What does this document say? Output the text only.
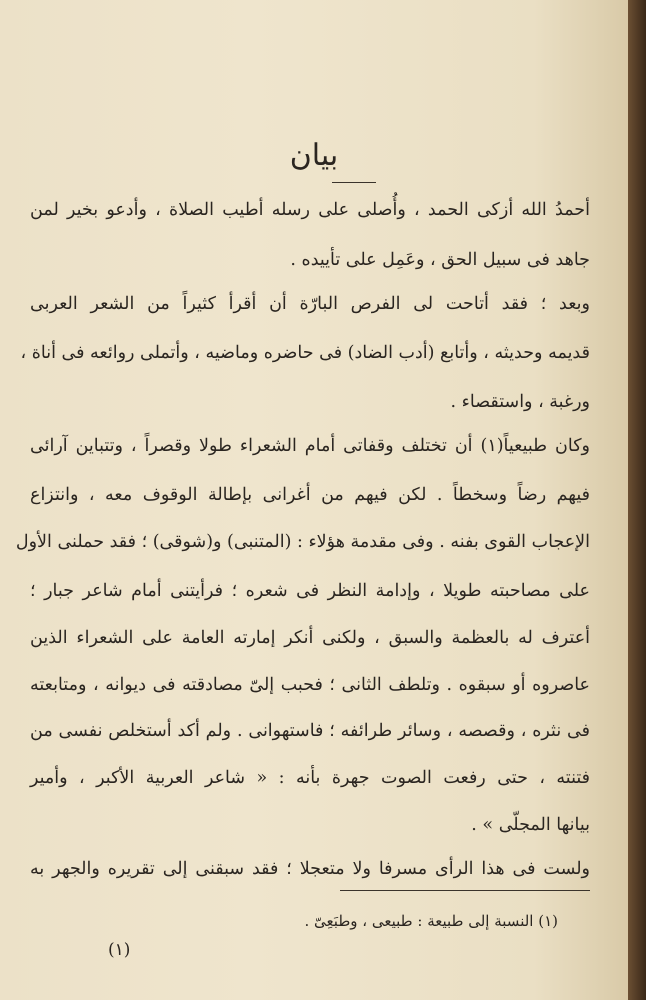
بيان
أحمدُ الله أزكى الحمد ، وأُصلى على رسله أطيب الصلاة ، وأدعو بخير لمن
جاهد فى سبيل الحق ، وعَمِل على تأييده .
وبعد ؛ فقد أتاحت لى الفرص البارّة أن أقرأ كثيراً من الشعر العربى
قديمه وحديثه ، وأتابع (أدب الضاد) فى حاضره وماضيه ، وأتملى روائعه فى أناة ،
ورغبة ، واستقصاء .
وكان طبيعياً(١) أن تختلف وقفاتى أمام الشعراء طولا وقصراً ، وتتباين آرائى
فيهم رضاً وسخطاً . لكن فيهم من أغرانى بإطالة الوقوف معه ، وانتزاع
الإعجاب القوى بفنه . وفى مقدمة هؤلاء : (المتنبى) و(شوقى) ؛ فقد حملنى الأول
على مصاحبته طويلا ، وإدامة النظر فى شعره ؛ فرأيتنى أمام شاعر جبار ؛
أعترف له بالعظمة والسبق ، ولكنى أنكر إمارته العامة على الشعراء الذين
عاصروه أو سبقوه . وتلطف الثانى ؛ فحبب إلىّ مصادقته فى ديوانه ، ومتابعته
فى نثره ، وقصصه ، وسائر طرائفه ؛ فاستهوانى . ولم أكد أستخلص نفسى من
فتنته ، حتى رفعت الصوت جهرة بأنه : « شاعر العربية الأكبر ، وأمير
بيانها المجلّى » .
ولست فى هذا الرأى مسرفا ولا متعجلا ؛ فقد سبقنى إلى تقريره والجهر به
(١) النسبة إلى طبيعة : طبيعى ، وطبَعِىّ .
(١)
